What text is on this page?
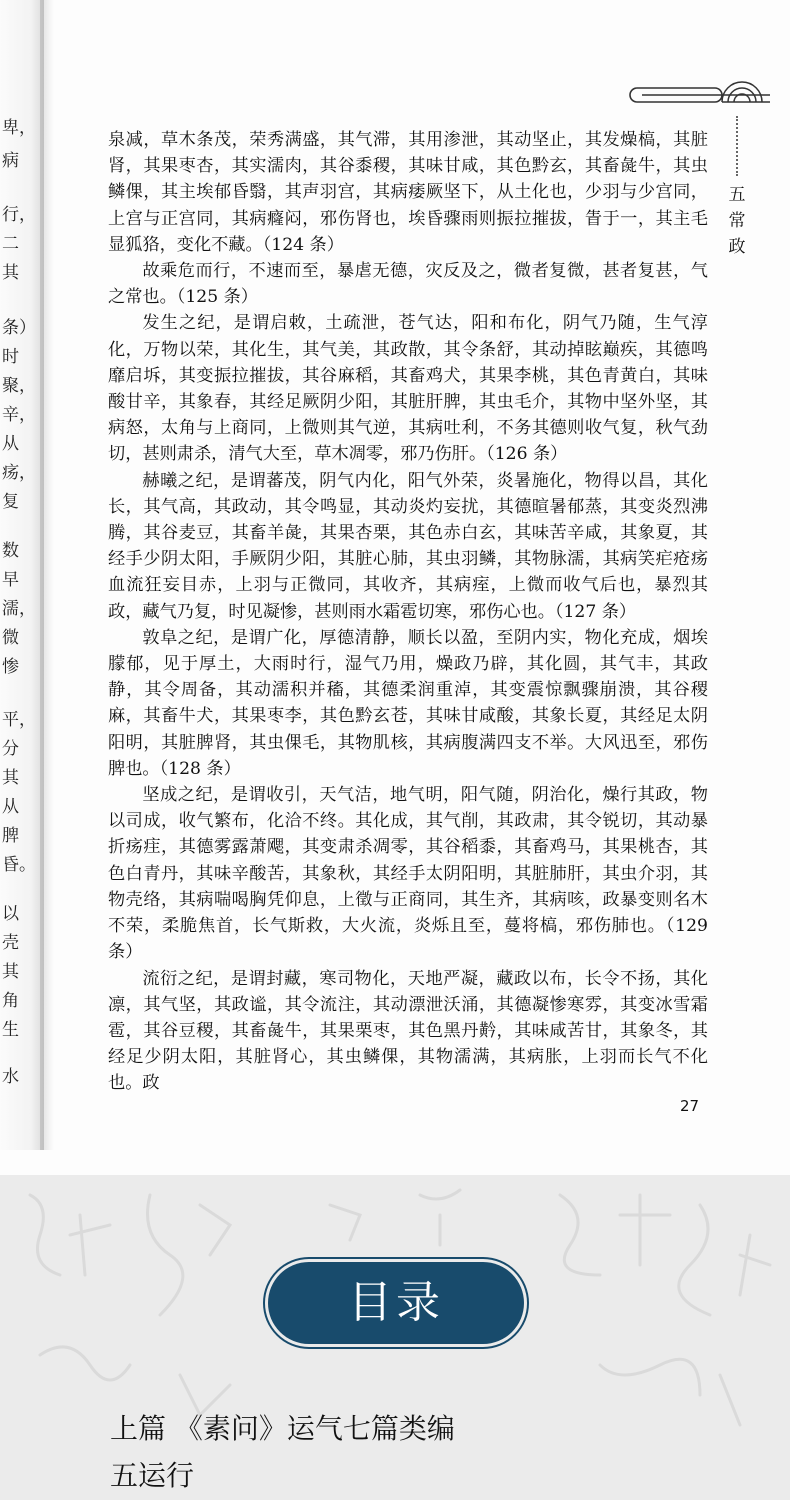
卑，
病
行，
二
其
条）
时
聚，
辛，
从
疡，
复
数
早
濡，
微
惨
平，
分
其
从
脾
昏。
以
壳
其
角
生
水
五
常
政

泉减，草木条茂，荣秀满盛，其气滞，其用渗泄，其动坚止，其发燥槁，其脏肾，其果枣杏，其实濡肉，其谷黍稷，其味甘咸，其色黔玄，其畜彘牛，其虫鳞倮，其主埃郁昏翳，其声羽宫，其病痿厥坚下，从土化也，少羽与少宫同，上宫与正宫同，其病癃闷，邪伤肾也，埃昏骤雨则振拉摧拔，眚于一，其主毛显狐狢，变化不藏。（124 条）

故乘危而行，不速而至，暴虐无德，灾反及之，微者复微，甚者复甚，气之常也。（125 条）

发生之纪，是谓启敕，土疏泄，苍气达，阳和布化，阴气乃随，生气淳化，万物以荣，其化生，其气美，其政散，其令条舒，其动掉眩巅疾，其德鸣靡启坼，其变振拉摧拔，其谷麻稻，其畜鸡犬，其果李桃，其色青黄白，其味酸甘辛，其象春，其经足厥阴少阳，其脏肝脾，其虫毛介，其物中坚外坚，其病怒，太角与上商同，上微则其气逆，其病吐利，不务其德则收气复，秋气劲切，甚则肃杀，清气大至，草木凋零，邪乃伤肝。（126 条）

赫曦之纪，是谓蕃茂，阴气内化，阳气外荣，炎暑施化，物得以昌，其化长，其气高，其政动，其令鸣显，其动炎灼妄扰，其德暄暑郁蒸，其变炎烈沸腾，其谷麦豆，其畜羊彘，其果杏栗，其色赤白玄，其味苦辛咸，其象夏，其经手少阴太阳，手厥阴少阳，其脏心肺，其虫羽鳞，其物脉濡，其病笑疟疮疡血流狂妄目赤，上羽与正微同，其收齐，其病痓，上微而收气后也，暴烈其政，藏气乃复，时见凝惨，甚则雨水霜雹切寒，邪伤心也。（127 条）

敦阜之纪，是谓广化，厚德清静，顺长以盈，至阴内实，物化充成，烟埃朦郁，见于厚土，大雨时行，湿气乃用，燥政乃辟，其化圆，其气丰，其政静，其令周备，其动濡积并稸，其德柔润重淖，其变震惊飘骤崩溃，其谷稷麻，其畜牛犬，其果枣李，其色黔玄苍，其味甘咸酸，其象长夏，其经足太阴阳明，其脏脾肾，其虫倮毛，其物肌核，其病腹满四支不举。大风迅至，邪伤脾也。（128 条）

坚成之纪，是谓收引，天气洁，地气明，阳气随，阴治化，燥行其政，物以司成，收气繁布，化洽不终。其化成，其气削，其政肃，其令锐切，其动暴折疡疰，其德雾露萧飔，其变肃杀凋零，其谷稻黍，其畜鸡马，其果桃杏，其色白青丹，其味辛酸苦，其象秋，其经手太阴阳明，其脏肺肝，其虫介羽，其物壳络，其病喘喝胸凭仰息，上徵与正商同，其生齐，其病咳，政暴变则名木不荣，柔脆焦首，长气斯救，大火流，炎烁且至，蔓将槁，邪伤肺也。（129 条）

流衍之纪，是谓封藏，寒司物化，天地严凝，藏政以布，长令不扬，其化凛，其气坚，其政谧，其令流注，其动漂泄沃涌，其德凝惨寒雰，其变冰雪霜雹，其谷豆稷，其畜彘牛，其果栗枣，其色黑丹黅，其味咸苦甘，其象冬，其经足少阴太阳，其脏肾心，其虫鳞倮，其物濡满，其病胀，上羽而长气不化也。政

27
目录
上篇 《素问》运气七篇类编
五运行
